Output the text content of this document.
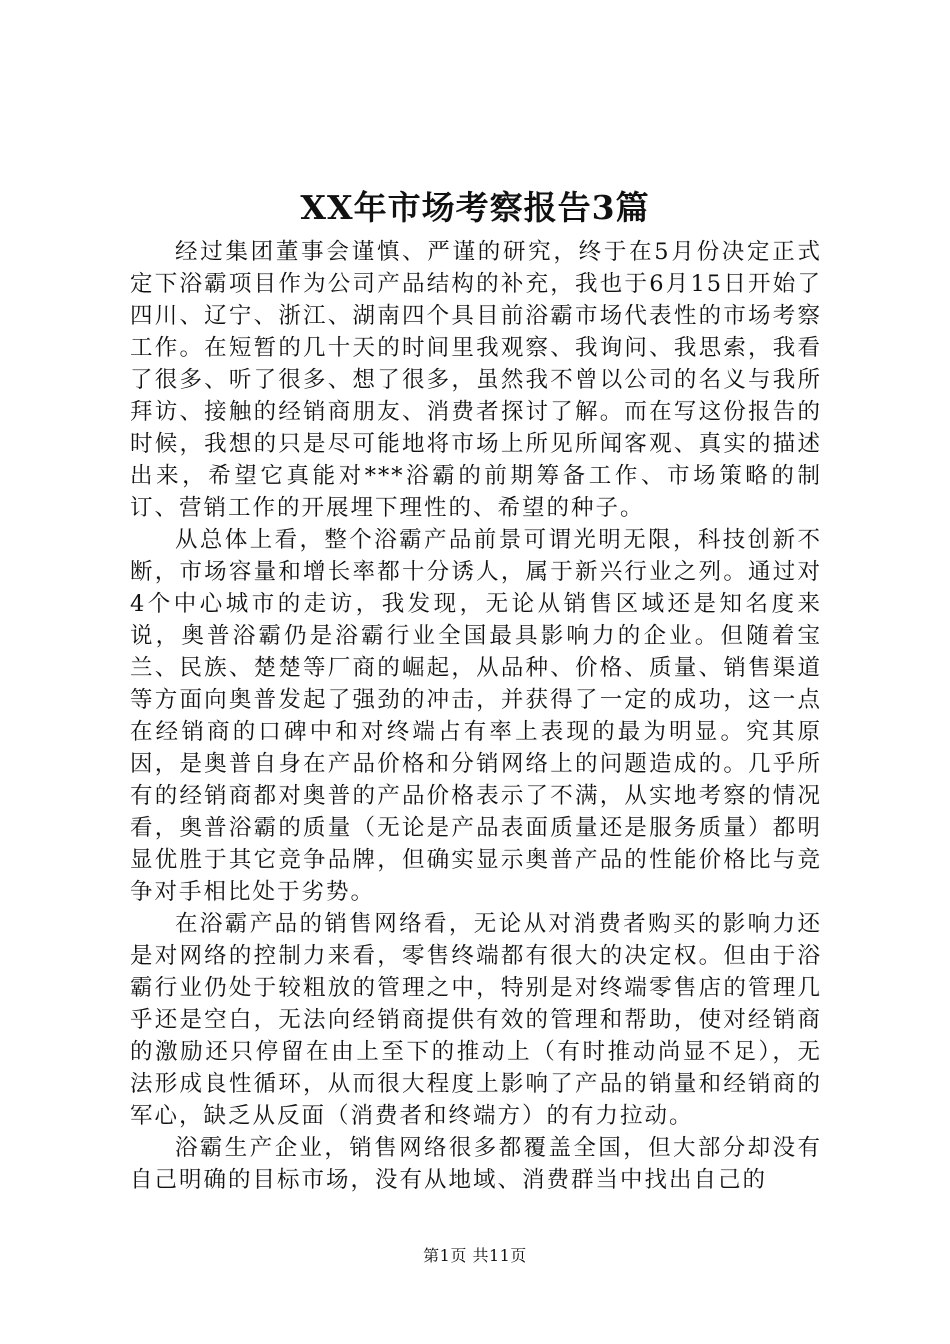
XX年市场考察报告3篇

经过集团董事会谨慎、严谨的研究，终于在5月份决定正式定下浴霸项目作为公司产品结构的补充，我也于6月15日开始了四川、辽宁、浙江、湖南四个具目前浴霸市场代表性的市场考察工作。在短暂的几十天的时间里我观察、我询问、我思索，我看了很多、听了很多、想了很多，虽然我不曾以公司的名义与我所拜访、接触的经销商朋友、消费者探讨了解。而在写这份报告的时候，我想的只是尽可能地将市场上所见所闻客观、真实的描述出来，希望它真能对***浴霸的前期筹备工作、市场策略的制订、营销工作的开展埋下理性的、希望的种子。

从总体上看，整个浴霸产品前景可谓光明无限，科技创新不断，市场容量和增长率都十分诱人，属于新兴行业之列。通过对4个中心城市的走访，我发现，无论从销售区域还是知名度来说，奥普浴霸仍是浴霸行业全国最具影响力的企业。但随着宝兰、民族、楚楚等厂商的崛起，从品种、价格、质量、销售渠道等方面向奥普发起了强劲的冲击，并获得了一定的成功，这一点在经销商的口碑中和对终端占有率上表现的最为明显。究其原因，是奥普自身在产品价格和分销网络上的问题造成的。几乎所有的经销商都对奥普的产品价格表示了不满，从实地考察的情况看，奥普浴霸的质量（无论是产品表面质量还是服务质量）都明显优胜于其它竞争品牌，但确实显示奥普产品的性能价格比与竞争对手相比处于劣势。

在浴霸产品的销售网络看，无论从对消费者购买的影响力还是对网络的控制力来看，零售终端都有很大的决定权。但由于浴霸行业仍处于较粗放的管理之中，特别是对终端零售店的管理几乎还是空白，无法向经销商提供有效的管理和帮助，使对经销商的激励还只停留在由上至下的推动上（有时推动尚显不足），无法形成良性循环，从而很大程度上影响了产品的销量和经销商的军心，缺乏从反面（消费者和终端方）的有力拉动。

浴霸生产企业，销售网络很多都覆盖全国，但大部分却没有自己明确的目标市场，没有从地域、消费群当中找出自己的

第1页 共11页
